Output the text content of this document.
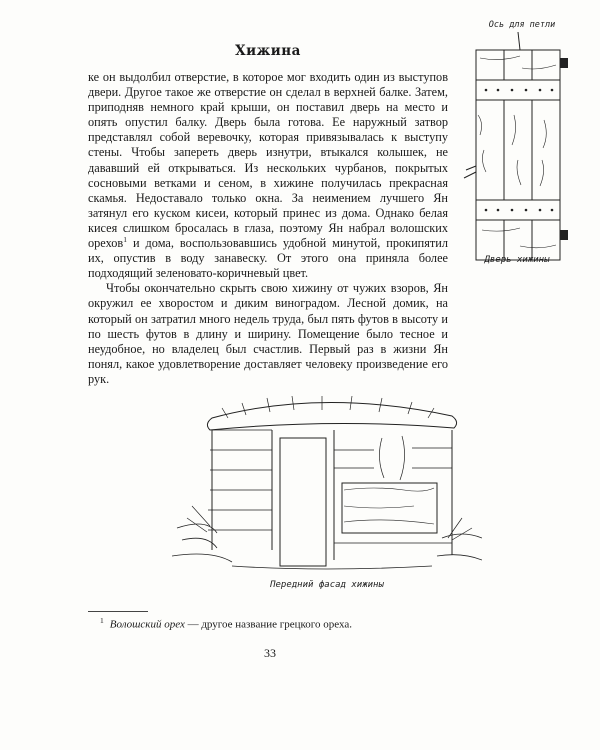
Хижина

ке он выдолбил отверстие, в которое мог входить один из выступов двери. Другое такое же отверстие он сделал в верхней балке. Затем, приподняв немного край крыши, он поставил дверь на место и опять опустил балку. Дверь была готова. Ее наружный затвор представлял собой веревочку, которая привязывалась к выступу стены. Чтобы запереть дверь изнутри, втыкался колышек, не дававший ей открываться. Из нескольких чурбанов, покрытых сосновыми ветками и сеном, в хижине получилась прекрасная скамья. Недоставало только окна. За неимением лучшего Ян затянул его куском кисеи, который принес из дома. Однако белая кисея слишком бросалась в глаза, поэтому Ян набрал волошских орехов$^1$ и дома, воспользовавшись удобной минутой, прокипятил их, опустив в воду занавеску. От этого она приняла более подходящий зеленовато-коричневый цвет.

Чтобы окончательно скрыть свою хижину от чужих взоров, Ян окружил ее хворостом и диким виноградом. Лесной домик, на который он затратил много недель труда, был пять футов в высоту и по шесть футов в длину и ширину. Помещение было тесное и неудобное, но владелец был счастлив. Первый раз в жизни Ян понял, какое удовлетворение доставляет человеку произведение его рук.

Ось для петли
Дверь хижины
Передний фасад хижины
$^1$ Волошский орех — другое название грецкого ореха.
33
